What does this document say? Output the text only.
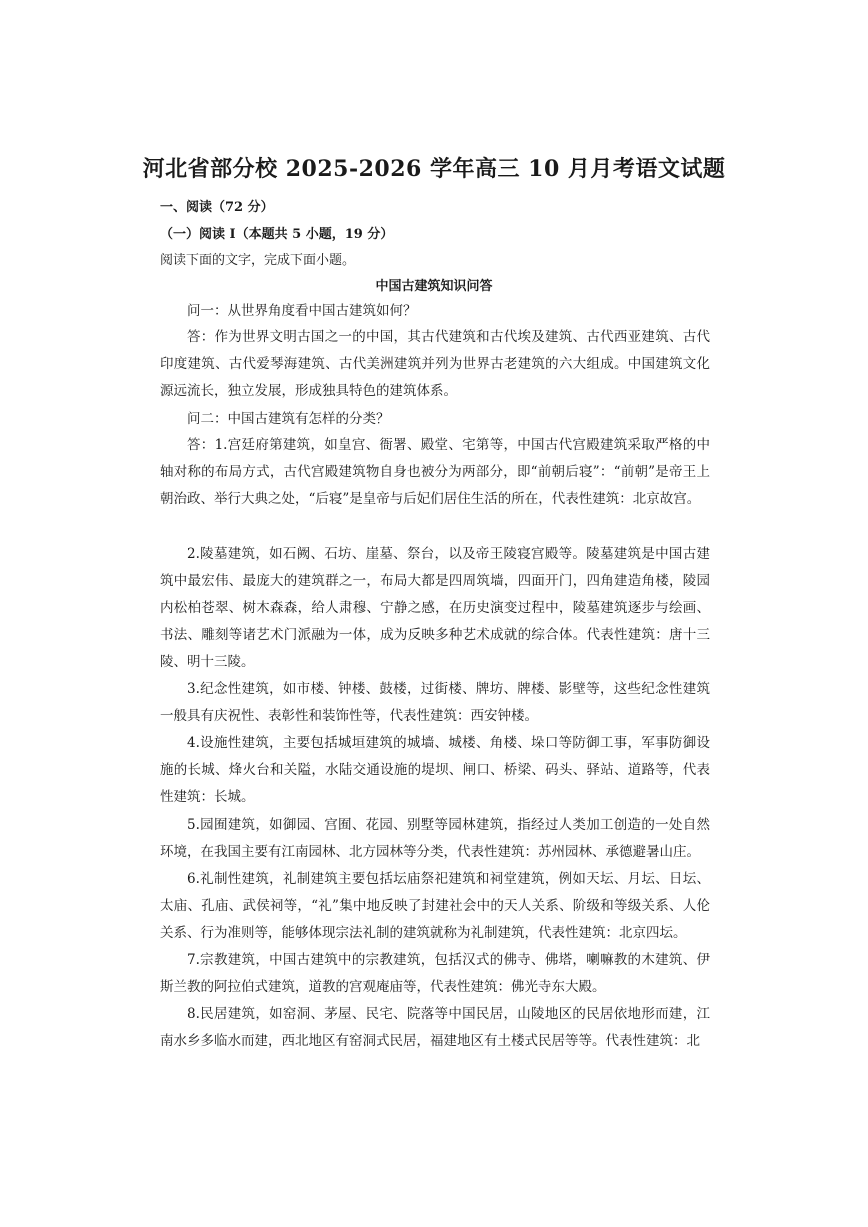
河北省部分校 2025-2026 学年高三 10 月月考语文试题
一、阅读（72 分）
（一）阅读 I（本题共 5 小题，19 分）
阅读下面的文字，完成下面小题。
中国古建筑知识问答

问一：从世界角度看中国古建筑如何？

答：作为世界文明古国之一的中国，其古代建筑和古代埃及建筑、古代西亚建筑、古代印度建筑、古代爱琴海建筑、古代美洲建筑并列为世界古老建筑的六大组成。中国建筑文化源远流长，独立发展，形成独具特色的建筑体系。

问二：中国古建筑有怎样的分类？

答：1.宫廷府第建筑，如皇宫、衙署、殿堂、宅第等，中国古代宫殿建筑采取严格的中轴对称的布局方式，古代宫殿建筑物自身也被分为两部分，即“前朝后寝”：“前朝”是帝王上朝治政、举行大典之处，“后寝”是皇帝与后妃们居住生活的所在，代表性建筑：北京故宫。

2.陵墓建筑，如石阙、石坊、崖墓、祭台，以及帝王陵寝宫殿等。陵墓建筑是中国古建筑中最宏伟、最庞大的建筑群之一，布局大都是四周筑墙，四面开门，四角建造角楼，陵园内松柏苍翠、树木森森，给人肃穆、宁静之感，在历史演变过程中，陵墓建筑逐步与绘画、书法、雕刻等诸艺术门派融为一体，成为反映多种艺术成就的综合体。代表性建筑：唐十三陵、明十三陵。

3.纪念性建筑，如市楼、钟楼、鼓楼，过街楼、牌坊、牌楼、影壁等，这些纪念性建筑一般具有庆祝性、表彰性和装饰性等，代表性建筑：西安钟楼。

4.设施性建筑，主要包括城垣建筑的城墙、城楼、角楼、垛口等防御工事，军事防御设施的长城、烽火台和关隘，水陆交通设施的堤坝、闸口、桥梁、码头、驿站、道路等，代表性建筑：长城。

5.园囿建筑，如御园、宫囿、花园、别墅等园林建筑，指经过人类加工创造的一处自然环境，在我国主要有江南园林、北方园林等分类，代表性建筑：苏州园林、承德避暑山庄。

6.礼制性建筑，礼制建筑主要包括坛庙祭祀建筑和祠堂建筑，例如天坛、月坛、日坛、太庙、孔庙、武侯祠等，“礼”集中地反映了封建社会中的天人关系、阶级和等级关系、人伦关系、行为准则等，能够体现宗法礼制的建筑就称为礼制建筑，代表性建筑：北京四坛。

7.宗教建筑，中国古建筑中的宗教建筑，包括汉式的佛寺、佛塔，喇嘛教的木建筑、伊斯兰教的阿拉伯式建筑，道教的宫观庵庙等，代表性建筑：佛光寺东大殿。

8.民居建筑，如窑洞、茅屋、民宅、院落等中国民居，山陵地区的民居依地形而建，江南水乡多临水而建，西北地区有窑洞式民居，福建地区有土楼式民居等等。代表性建筑：北
